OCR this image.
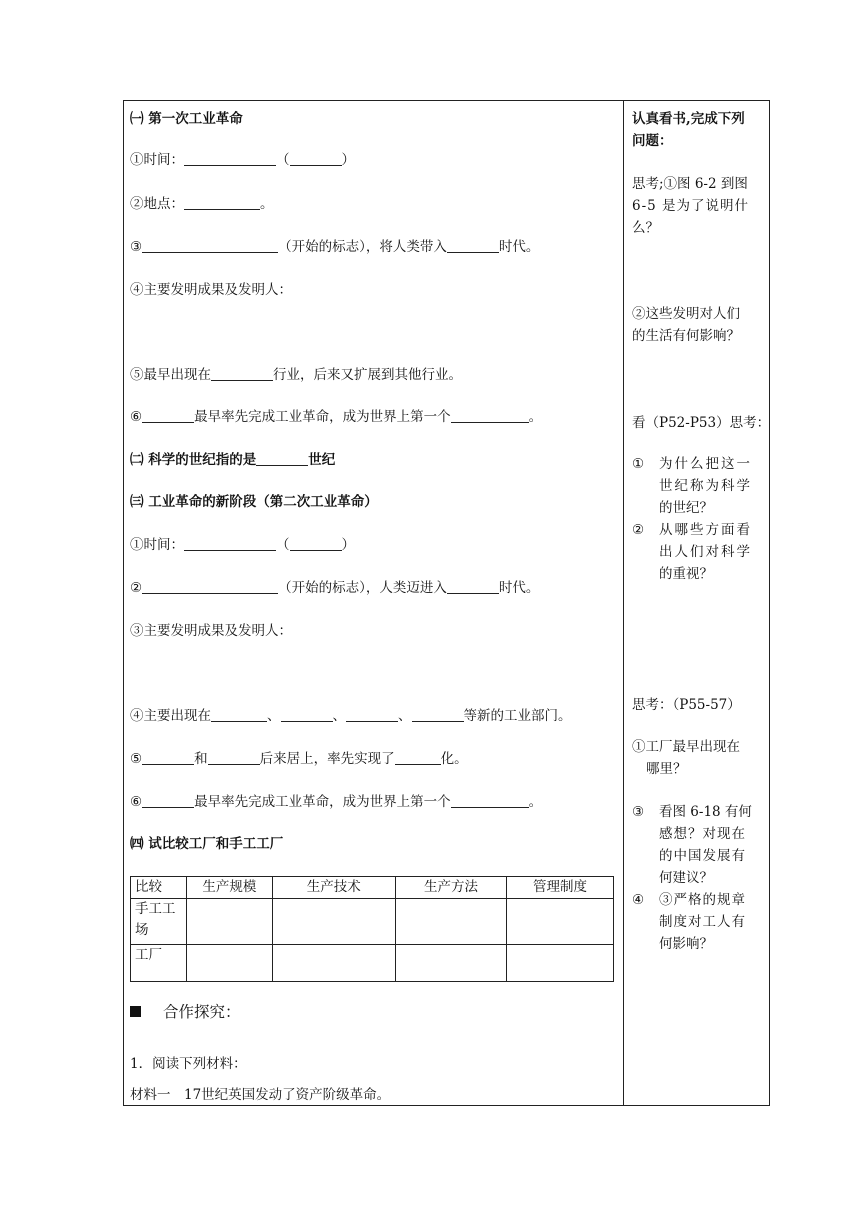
㈠ 第一次工业革命
①时间：	（	）
②地点：	。
③	（开始的标志），将人类带入	时代。
④主要发明成果及发明人：
⑤最早出现在	行业，后来又扩展到其他行业。
⑥	最早率先完成工业革命，成为世界上第一个	。
㈡ 科学的世纪指的是	世纪
㈢ 工业革命的新阶段（第二次工业革命）
①时间：	（	）
②	（开始的标志），人类迈进入	时代。
③主要发明成果及发明人：
④主要出现在	、	、	、	等新的工业部门。
⑤	和	后来居上，率先实现了	化。
⑥	最早率先完成工业革命，成为世界上第一个	。
㈣ 试比较工厂和手工工厂
比较	生产规模	生产技术	生产方法	管理制度
手工工场				
工厂				
合作探究：
1．阅读下列材料：
材料一　17世纪英国发动了资产阶级革命。
认真看书,完成下列
问题：
思考;①图 6-2 到图
6-5 是为了说明什
么？
②这些发明对人们
的生活有何影响？
看（P52-P53）思考：
① 为什么把这一
世纪称为科学
的世纪？
② 从哪些方面看
出人们对科学
的重视？
思考：（P55-57）
①工厂最早出现在
哪里？
③ 看图 6-18 有何
感想？对现在
的中国发展有
何建议？
④ ③严格的规章
制度对工人有
何影响？
